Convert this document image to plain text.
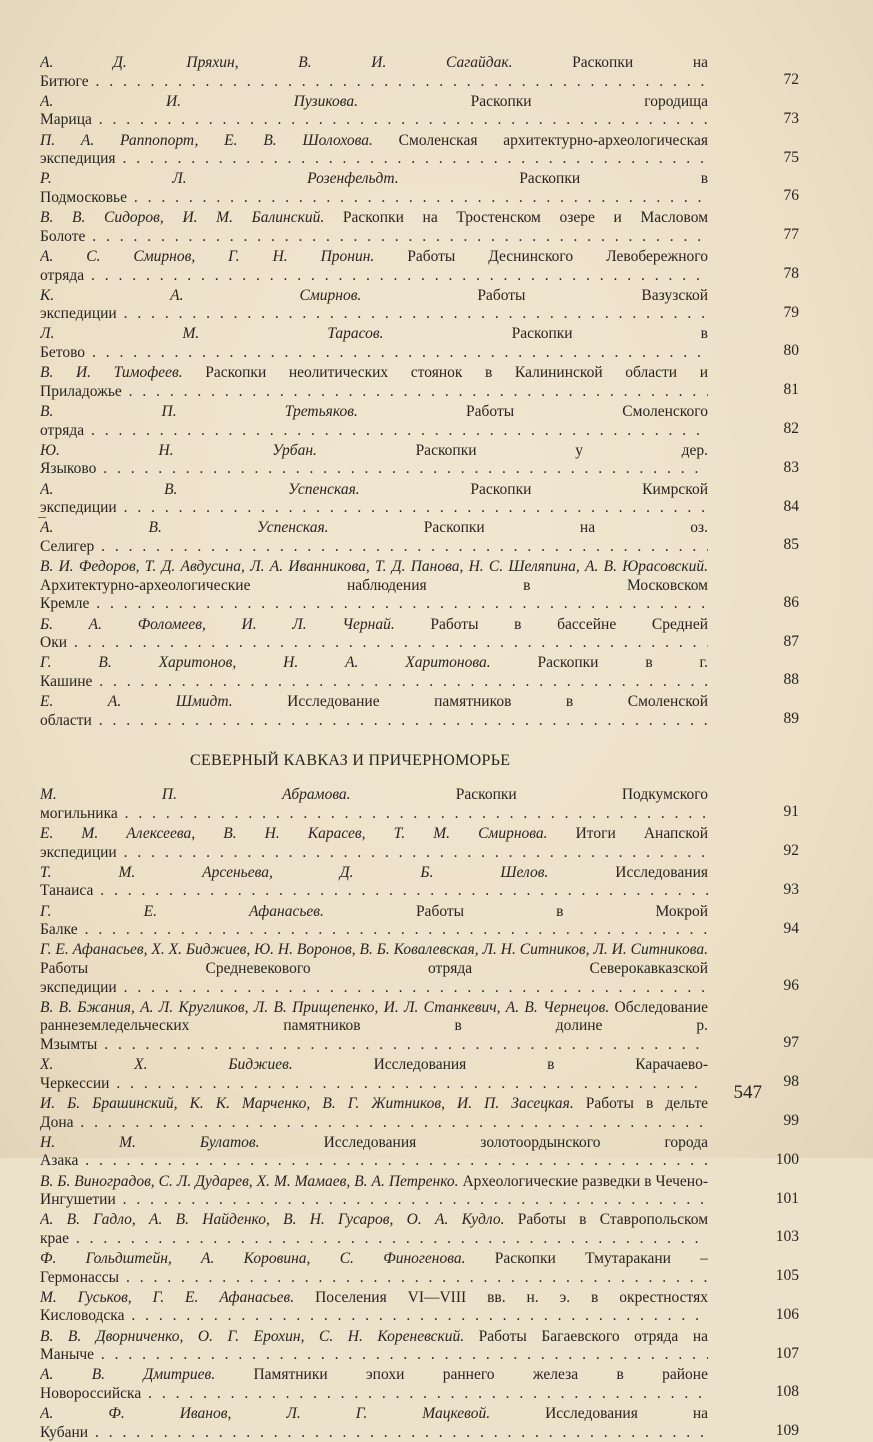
А. Д. Пряхин, В. И. Сагайдак.	Раскопки на Битюге . . .	72
А. И. Пузикова.	Раскопки городища Марица . . .	73
П. А. Раппопорт, Е. В. Шолохова. Смоленская архитектурно-археологическая экспедиция . . .	75
Р. Л. Розенфельдт.	Раскопки в Подмосковье . . .	76
В. В. Сидоров, И. М. Балинский. Раскопки на Тростенском озере и Масловом Болоте . . .	77
А. С. Смирнов, Г. Н. Пронин. Работы Деснинского Левобережного отряда . . .	78
К. А. Смирнов.	Работы Вазузской экспедиции . . .	79
Л. М. Тарасов.	Раскопки в Бетово . . .	80
В. И. Тимофеев. Раскопки неолитических стоянок в Калининской области и Приладожье . . .	81
В. П. Третьяков.	Работы Смоленского отряда . . .	82
Ю. Н. Урбан.	Раскопки у дер. Языково . . .	83
А. В. Успенская.	Раскопки Кимрской экспедиции . . .	84
А. В. Успенская.	Раскопки на оз. Селигер . . .	85
В. И. Федоров, Т. Д. Авдусина, Л. А. Иванникова, Т. Д. Панова, Н. С. Шеляпина, А. В. Юрасовский. Архитектурно-археологические наблюдения в Московском Кремле . . .	86
Б. А. Фоломеев, И. Л. Чернай. Работы в бассейне Средней Оки . . .	87
Г. В. Харитонов, Н. А. Харитонова.	Раскопки в г. Кашине . . .	88
Е. А. Шмидт.	Исследование памятников в Смоленской области . . .	89
СЕВЕРНЫЙ КАВКАЗ И ПРИЧЕРНОМОРЬЕ
М. П. Абрамова.	Раскопки Подкумского могильника . . .	91
Е. М. Алексеева, В. Н. Карасев, Т. М. Смирнова. Итоги Анапской экспедиции . . .	92
Т. М. Арсеньева, Д. Б. Шелов.	Исследования Танаиса . . .	93
Г. Е. Афанасьев.	Работы в Мокрой Балке . . .	94
Г. Е. Афанасьев, Х. Х. Биджиев, Ю. Н. Воронов, В. Б. Ковалевская, Л. Н. Ситников, Л. И. Ситникова. Работы Средневекового отряда Северокавказской экспедиции . . .	96
В. В. Бжания, А. Л. Кругликов, Л. В. Прищепенко, И. Л. Станкевич, А. В. Чернецов. Обследование раннеземледельческих памятников в долине р. Мзымты . . .	97
Х. Х. Биджиев.	Исследования в Карачаево-Черкессии . . .	98
И. Б. Брашинский, К. К. Марченко, В. Г. Житников, И. П. Засецкая. Работы в дельте Дона . . .	99
Н. М. Булатов.	Исследования золотоордынского города Азака . . .	100
В. Б. Виноградов, С. Л. Дударев, Х. М. Мамаев, В. А. Петренко. Археологические разведки в Чечено-Ингушетии . . .	101
А. В. Гадло, А. В. Найденко, В. Н. Гусаров, О. А. Кудло. Работы в Ставропольском крае . . .	103
Ф. Гольдштейн, А. Коровина, С. Финогенова. Раскопки Тмутаракани – Гермонассы . . .	105
М. Гуськов, Г. Е. Афанасьев. Поселения VI—VIII вв. н. э. в окрестностях Кисловодска . . .	106
В. В. Дворниченко, О. Г. Ерохин, С. Н. Кореневский. Работы Багаевского отряда на Маныче . . .	107
А. В. Дмитриев. Памятники эпохи раннего железа в районе Новороссийска . . .	108
А. Ф. Иванов, Л. Г. Мацкевой.	Исследования на Кубани . . .	109
547
